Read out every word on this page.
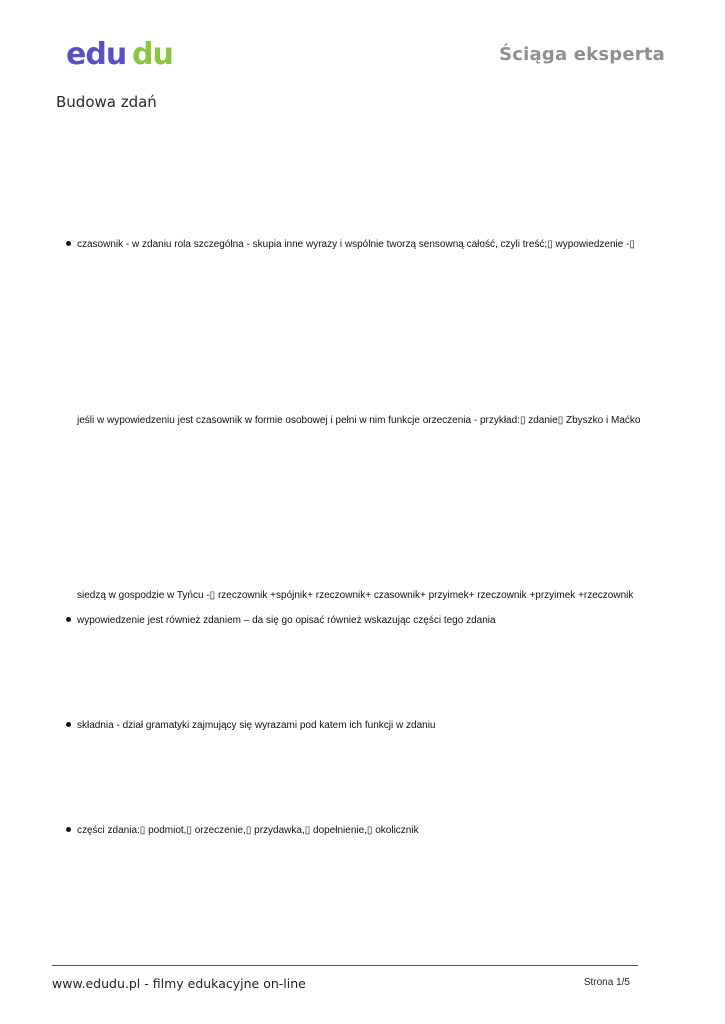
edu du	Ściąga eksperta
Budowa zdań
czasownik - w zdaniu rola szczególna - skupia inne wyrazy i wspólnie tworzą sensowną całość, czyli treść;▯ wypowiedzenie -▯
jeśli w wypowiedzeniu jest czasownik w formie osobowej i pełni w nim funkcje orzeczenia - przykład:▯ zdanie▯ Zbyszko i Maćko
siedzą w gospodzie w Tyńcu -▯ rzeczownik +spójnik+ rzeczownik+ czasownik+ przyimek+ rzeczownik +przyimek +rzeczownik
wypowiedzenie jest również zdaniem – da się go opisać również wskazując części tego zdania
składnia - dział gramatyki zajmujący się wyrazami pod katem ich funkcji w zdaniu
części zdania:▯ podmiot,▯ orzeczenie,▯ przydawka,▯ dopełnienie,▯ okolicznik
www.edudu.pl - filmy edukacyjne on-line	Strona 1/5
